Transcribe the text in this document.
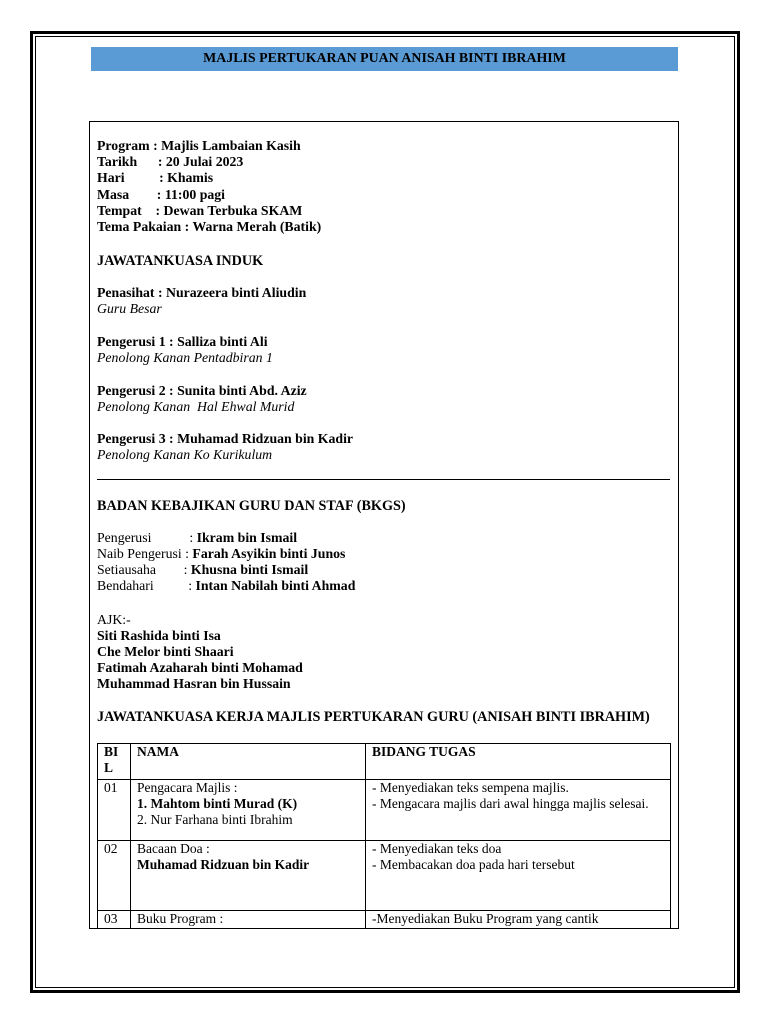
MAJLIS PERTUKARAN PUAN ANISAH BINTI IBRAHIM
Program : Majlis Lambaian Kasih
Tarikh      : 20 Julai 2023
Hari          : Khamis
Masa        : 11:00 pagi
Tempat    : Dewan Terbuka SKAM
Tema Pakaian : Warna Merah (Batik)
JAWATANKUASA INDUK
Penasihat : Nurazeera binti Aliudin
Guru Besar
Pengerusi 1 : Salliza binti Ali
Penolong Kanan Pentadbiran 1
Pengerusi 2 : Sunita binti Abd. Aziz
Penolong Kanan  Hal Ehwal Murid
Pengerusi 3 : Muhamad Ridzuan bin Kadir
Penolong Kanan Ko Kurikulum
BADAN KEBAJIKAN GURU DAN STAF (BKGS)
Pengerusi           : Ikram bin Ismail
Naib Pengerusi : Farah Asyikin binti Junos
Setiausaha        : Khusna binti Ismail
Bendahari          : Intan Nabilah binti Ahmad
AJK:-
Siti Rashida binti Isa
Che Melor binti Shaari
Fatimah Azaharah binti Mohamad
Muhammad Hasran bin Hussain
JAWATANKUASA KERJA MAJLIS PERTUKARAN GURU (ANISAH BINTI IBRAHIM)
BIL	NAMA	BIDANG TUGAS
01	Pengacara Majlis :
1. Mahtom binti Murad (K)
2. Nur Farhana binti Ibrahim	- Menyediakan teks sempena majlis.
- Mengacara majlis dari awal hingga majlis selesai.

02	Bacaan Doa :
Muhamad Ridzuan bin Kadir	- Menyediakan teks doa
- Membacakan doa pada hari tersebut

03	Buku Program :	-Menyediakan Buku Program yang cantik
